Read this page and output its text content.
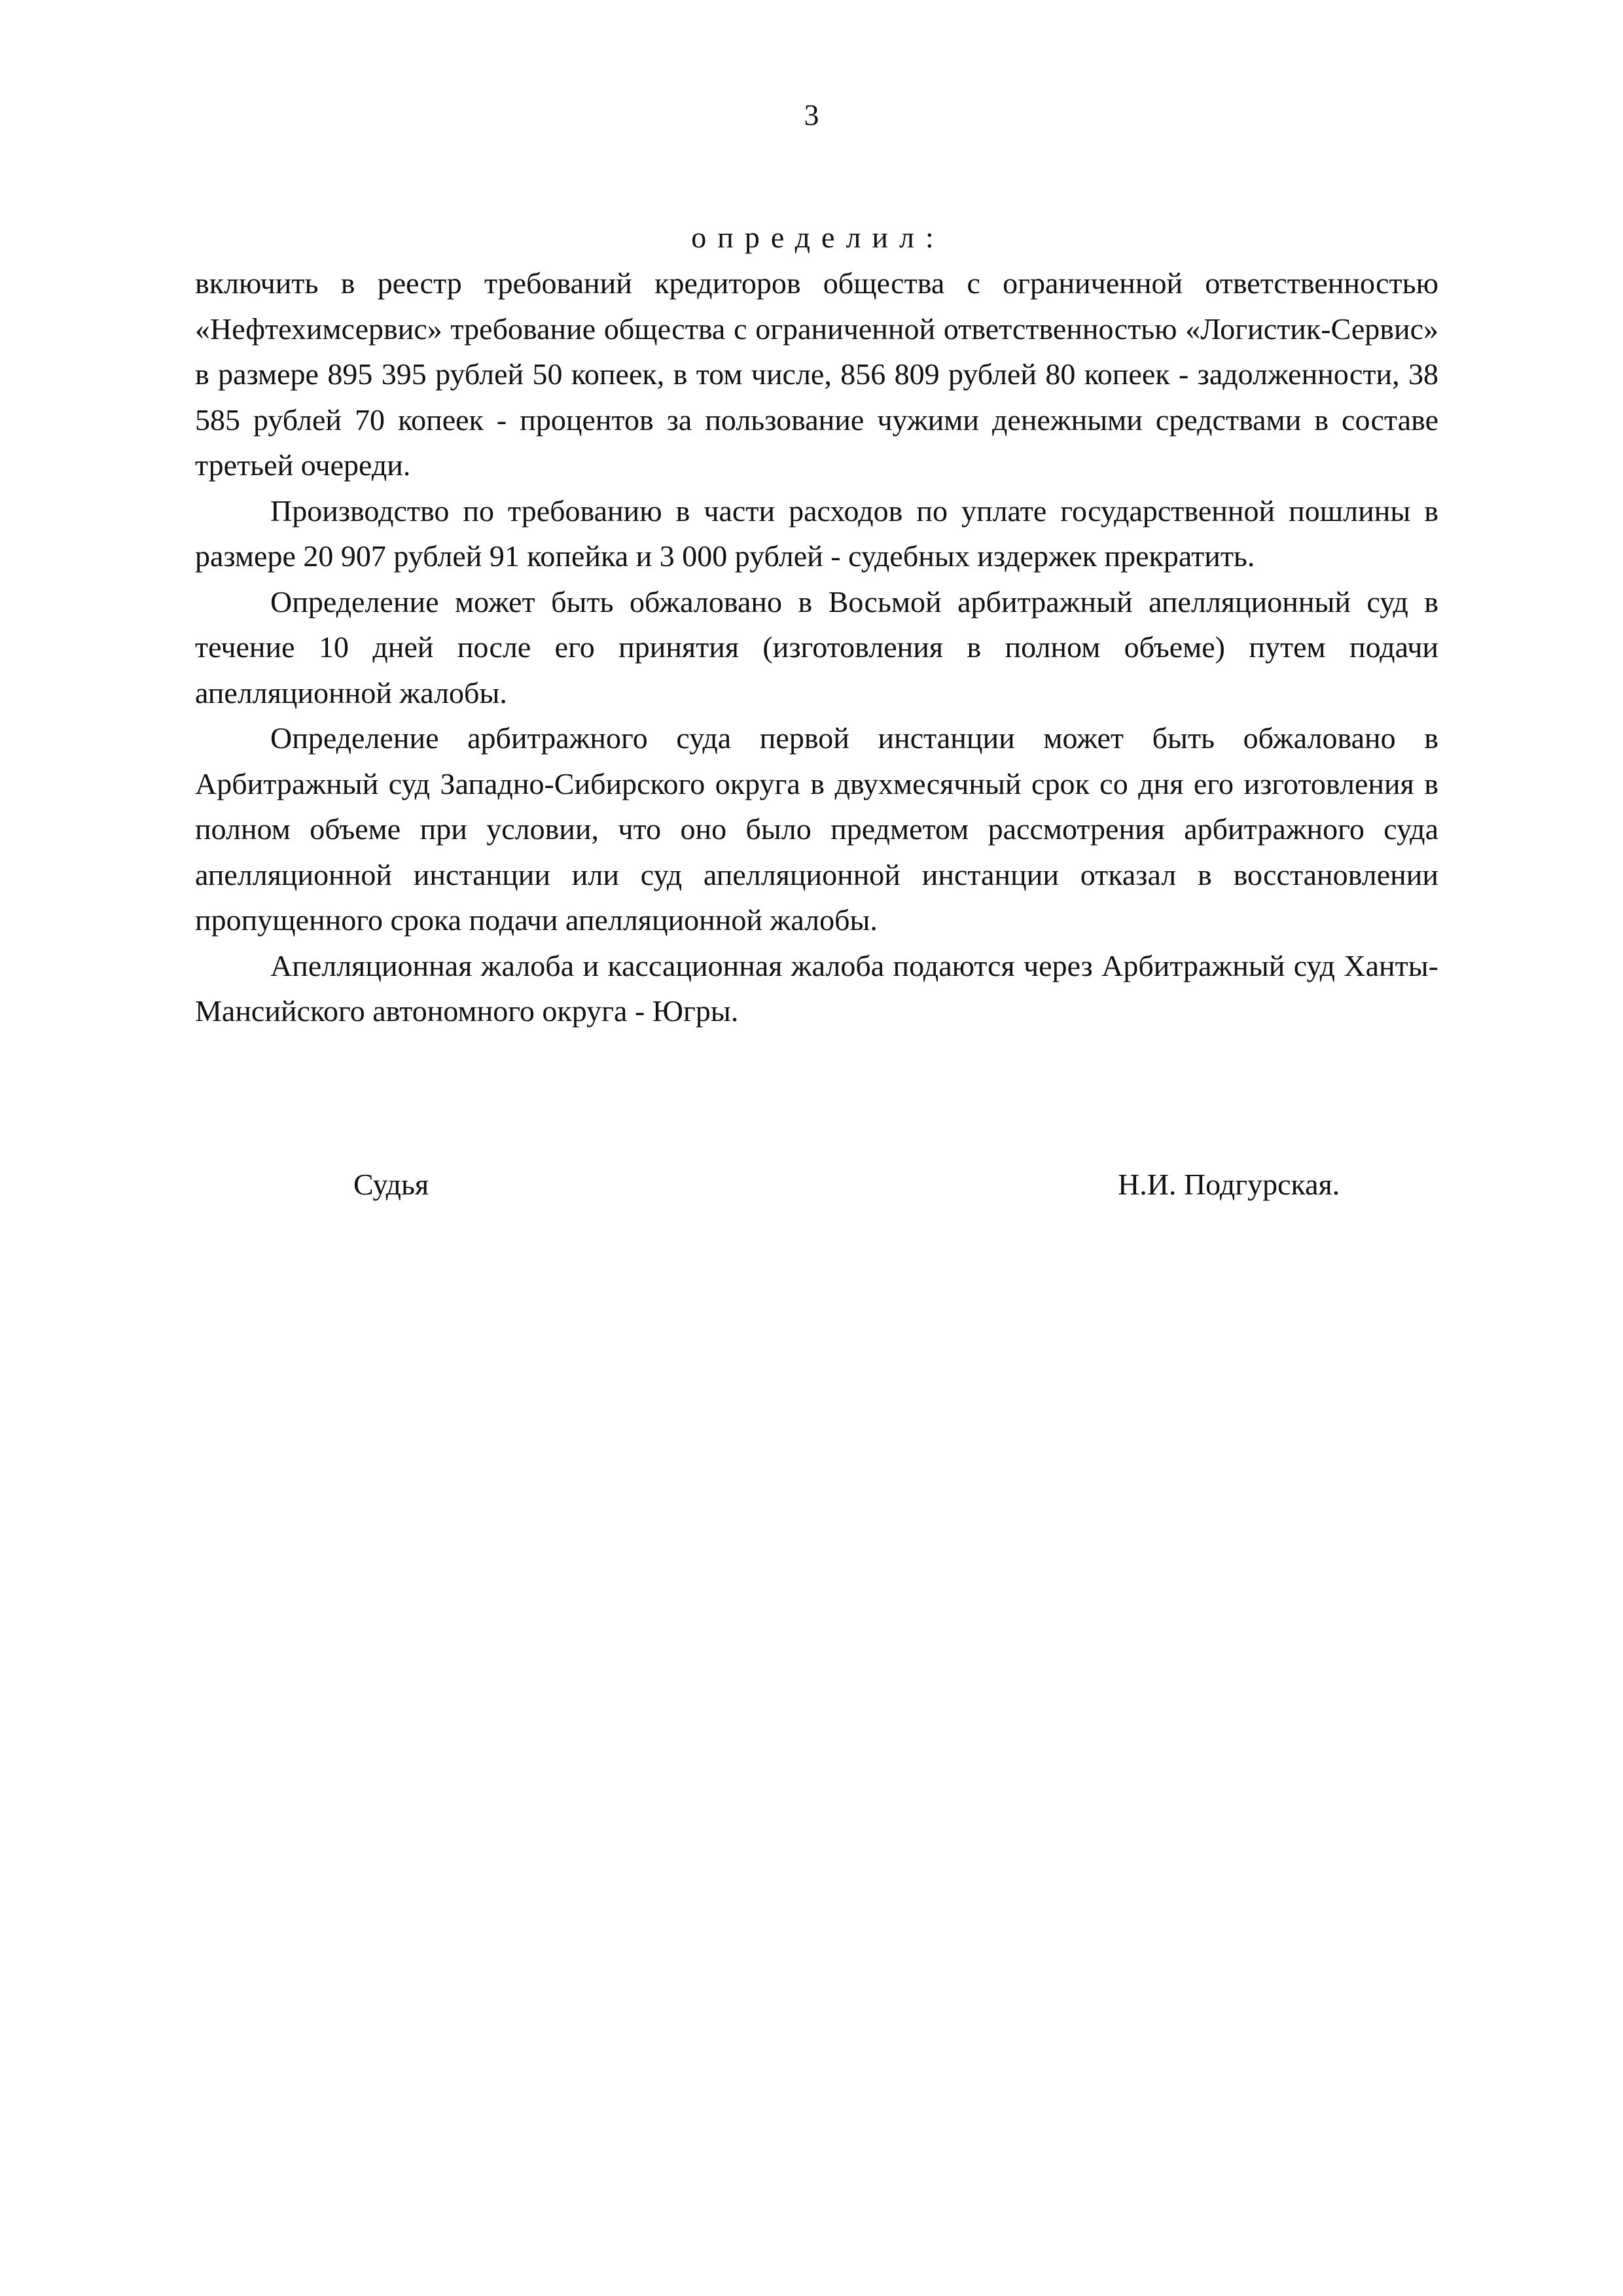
3
определил:

включить в реестр требований кредиторов общества с ограниченной ответственностью «Нефтехимсервис» требование общества с ограниченной ответственностью «Логистик-Сервис» в размере 895 395 рублей 50 копеек, в том числе, 856 809 рублей 80 копеек - задолженности, 38 585 рублей 70 копеек - процентов за пользование чужими денежными средствами в составе третьей очереди.

Производство по требованию в части расходов по уплате государственной пошлины в размере 20 907 рублей 91 копейка и 3 000 рублей - судебных издержек прекратить.

Определение может быть обжаловано в Восьмой арбитражный апелляционный суд в течение 10 дней после его принятия (изготовления в полном объеме) путем подачи апелляционной жалобы.

Определение арбитражного суда первой инстанции может быть обжаловано в Арбитражный суд Западно-Сибирского округа в двухмесячный срок со дня его изготовления в полном объеме при условии, что оно было предметом рассмотрения арбитражного суда апелляционной инстанции или суд апелляционной инстанции отказал в восстановлении пропущенного срока подачи апелляционной жалобы.

Апелляционная жалоба и кассационная жалоба подаются через Арбитражный суд Ханты-Мансийского автономного округа - Югры.

Судья	Н.И. Подгурская.
